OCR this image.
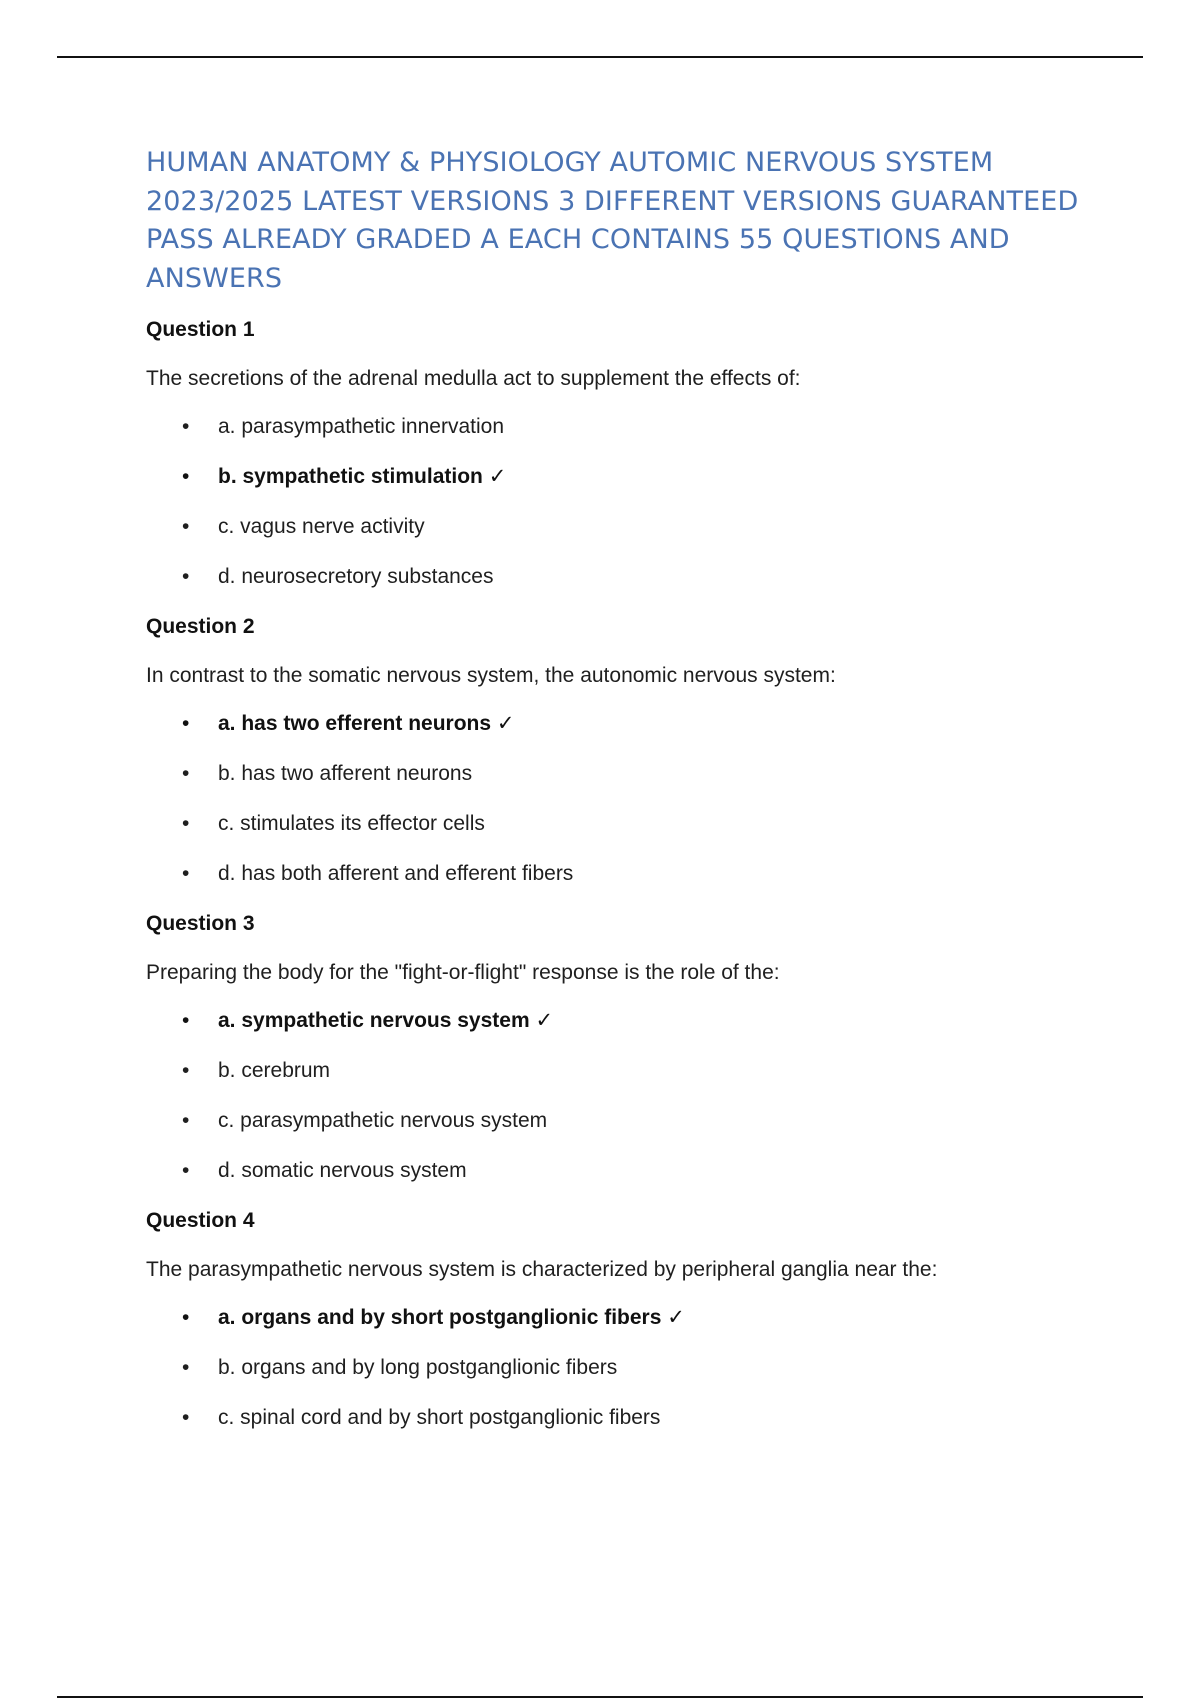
HUMAN ANATOMY & PHYSIOLOGY AUTOMIC NERVOUS SYSTEM 2023/2025 LATEST VERSIONS 3 DIFFERENT VERSIONS GUARANTEED PASS ALREADY GRADED A EACH CONTAINS 55 QUESTIONS AND ANSWERS
Question 1
The secretions of the adrenal medulla act to supplement the effects of:
• a. parasympathetic innervation
• b. sympathetic stimulation ✓
• c. vagus nerve activity
• d. neurosecretory substances
Question 2
In contrast to the somatic nervous system, the autonomic nervous system:
• a. has two efferent neurons ✓
• b. has two afferent neurons
• c. stimulates its effector cells
• d. has both afferent and efferent fibers
Question 3
Preparing the body for the "fight-or-flight" response is the role of the:
• a. sympathetic nervous system ✓
• b. cerebrum
• c. parasympathetic nervous system
• d. somatic nervous system
Question 4
The parasympathetic nervous system is characterized by peripheral ganglia near the:
• a. organs and by short postganglionic fibers ✓
• b. organs and by long postganglionic fibers
• c. spinal cord and by short postganglionic fibers
